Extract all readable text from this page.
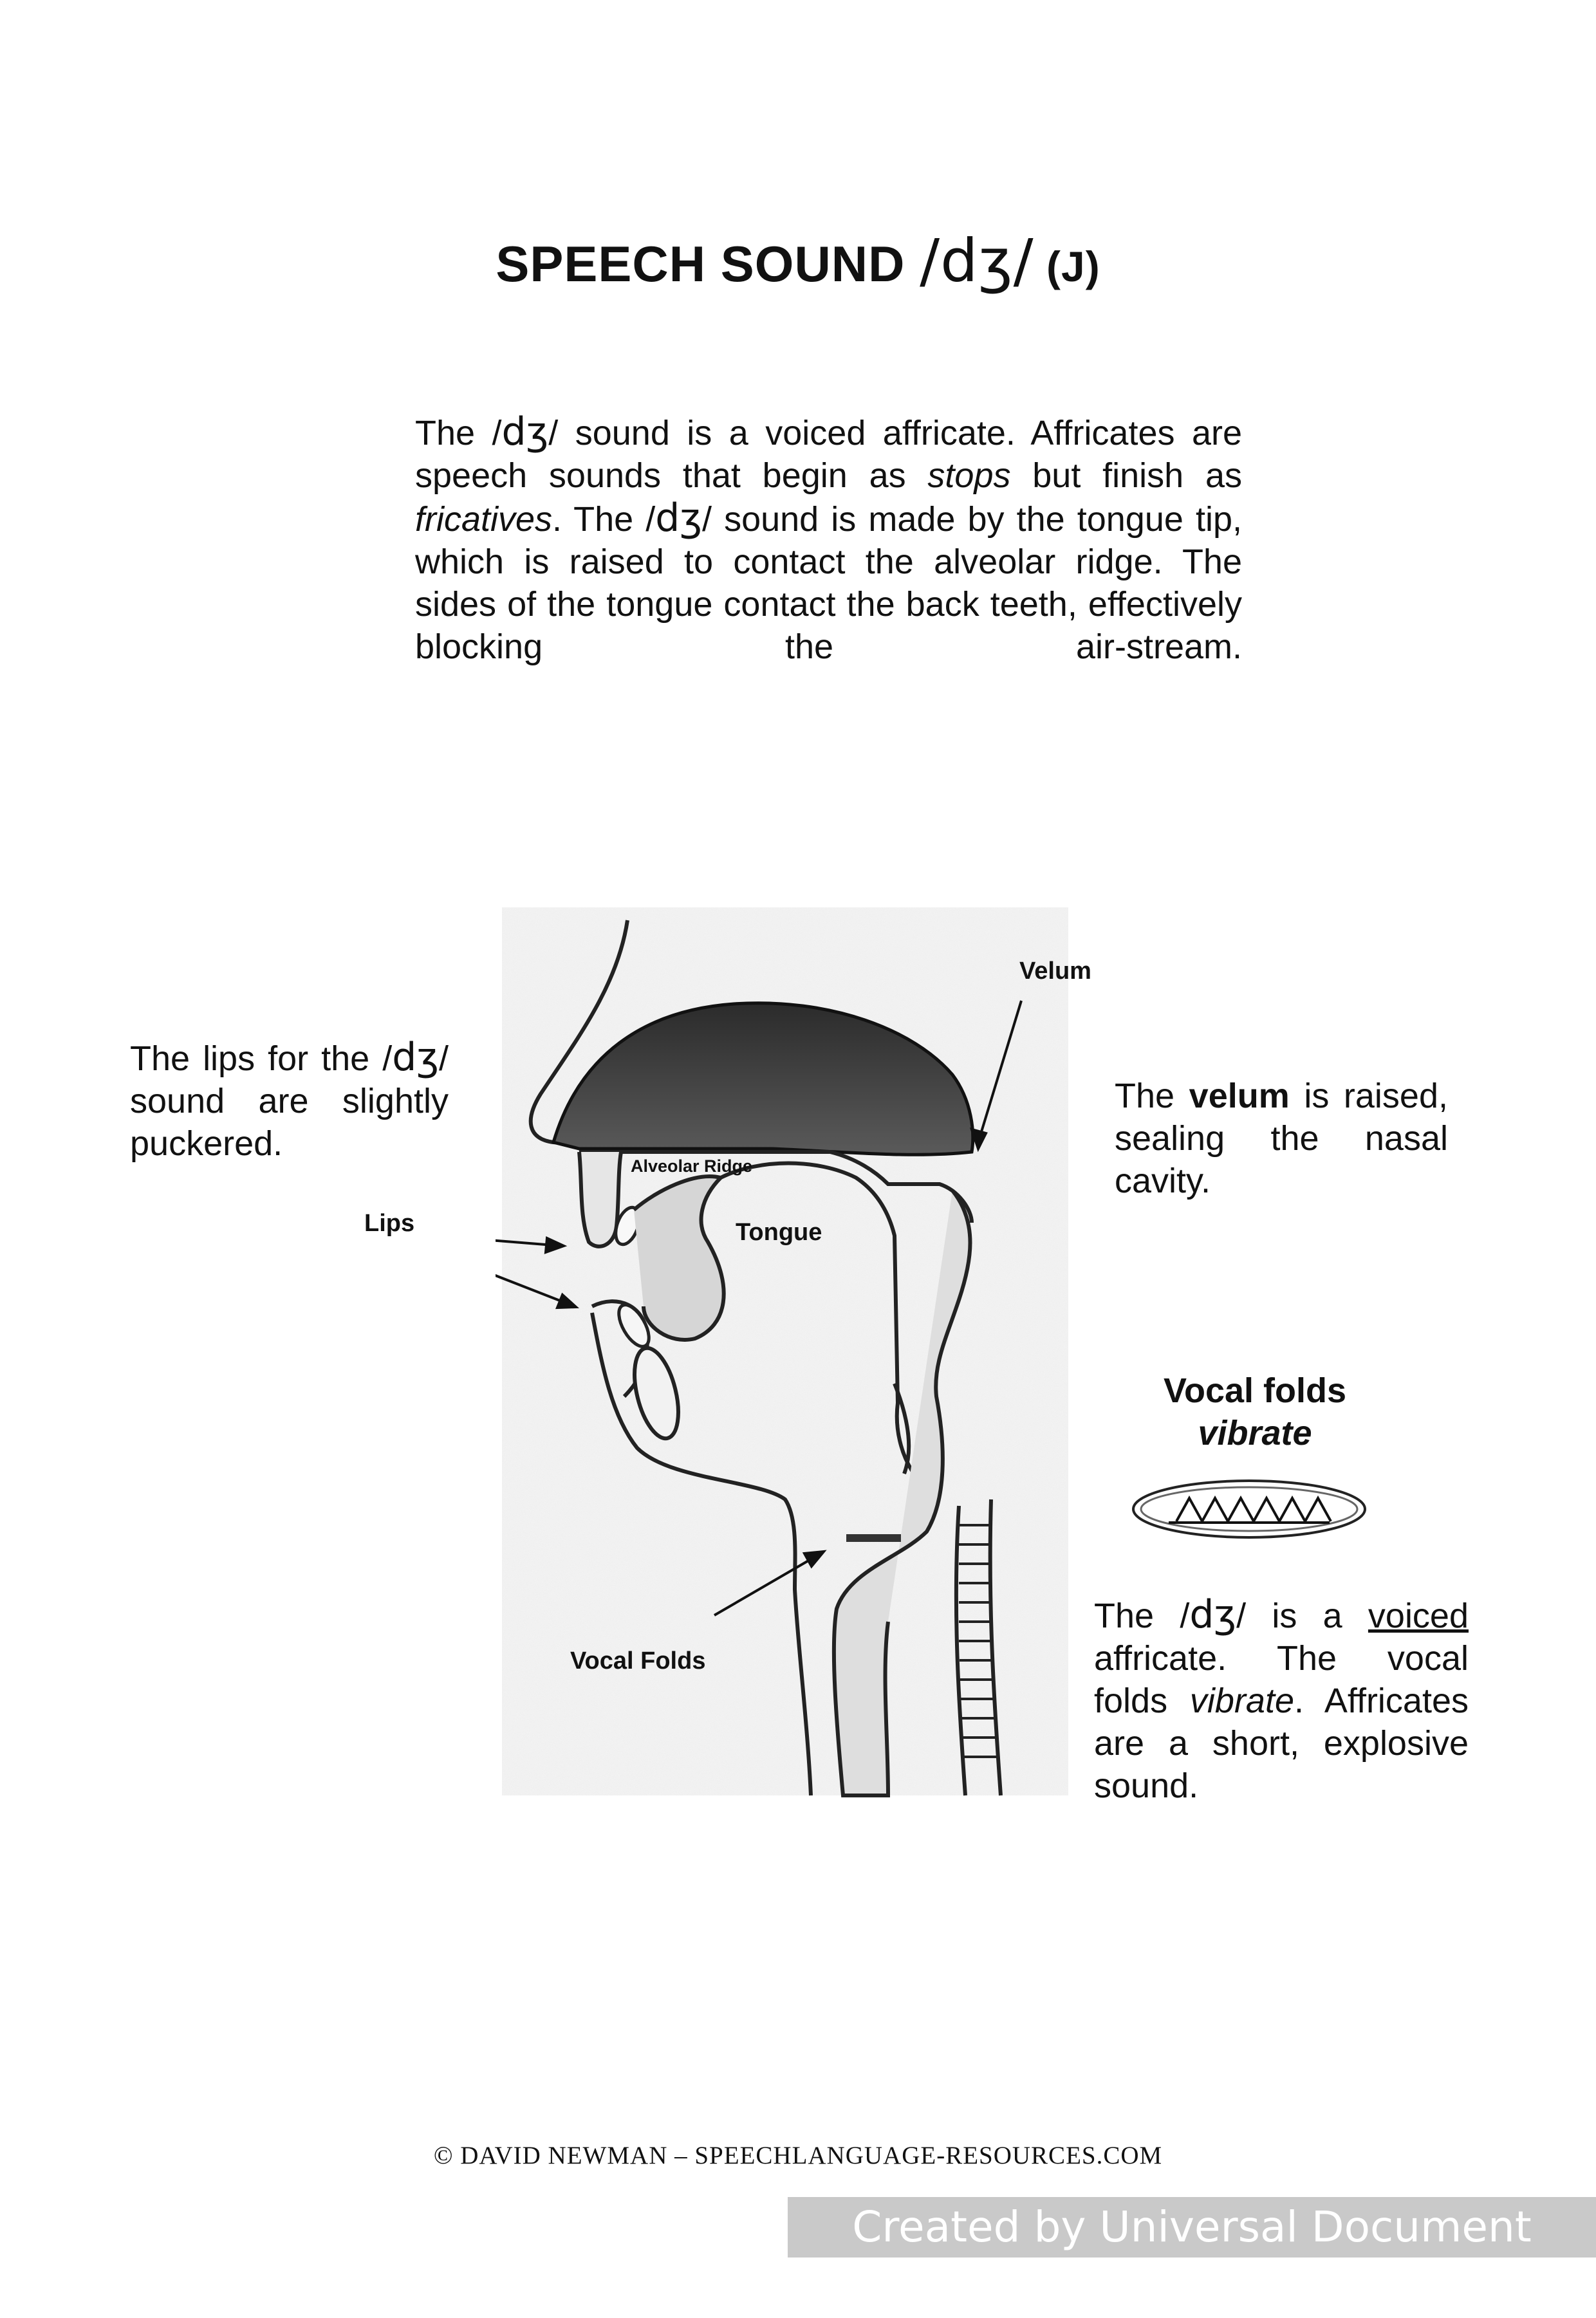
SPEECH SOUND /dʒ/ (J)
The /dʒ/ sound is a voiced affricate. Affricates are speech sounds that begin as stops but finish as fricatives. The /dʒ/ sound is made by the tongue tip, which is raised to contact the alveolar ridge. The sides of the tongue contact the back teeth, effectively blocking the air-stream.
The lips for the /dʒ/ sound are slightly puckered.
The velum is raised, sealing the nasal cavity.
Velum
Alveolar Ridge
Lips	Tongue
Vocal Folds
Vocal folds
vibrate
The /dʒ/ is a voiced affricate. The vocal folds vibrate. Affricates are a short, explosive sound.
© DAVID NEWMAN – SPEECHLANGUAGE-RESOURCES.COM
Created by Universal Document Converter
